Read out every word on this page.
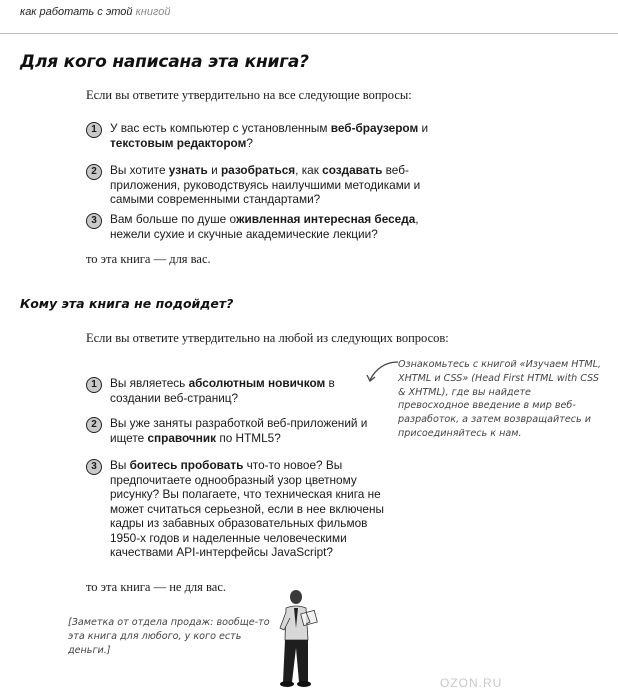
как работать с этой книгой
Для кого написана эта книга?
Если вы ответите утвердительно на все следующие вопросы:
1	У вас есть компьютер с установленным веб-браузером и текстовым редактором?
2	Вы хотите узнать и разобраться, как создавать веб-приложения, руководствуясь наилучшими методиками и самыми современными стандартами?
3	Вам больше по душе оживленная интересная беседа, нежели сухие и скучные академические лекции?
то эта книга — для вас.
Кому эта книга не подойдет?
Если вы ответите утвердительно на любой из следующих вопросов:
1	Вы являетесь абсолютным новичком в создании веб-страниц?
2	Вы уже заняты разработкой веб-приложений и ищете справочник по HTML5?
3	Вы боитесь пробовать что-то новое? Вы предпочитаете однообразный узор цветному рисунку? Вы полагаете, что техническая книга не может считаться серьезной, если в нее включены кадры из забавных образовательных фильмов 1950-х годов и наделенные человеческими качествами API-интерфейсы JavaScript?
то эта книга — не для вас.
Ознакомьтесь с книгой «Изучаем HTML, XHTML и CSS» (Head First HTML with CSS & XHTML), где вы найдете превосходное введение в мир веб-разработок, а затем возвращайтесь и присоединяйтесь к нам.
[Заметка от отдела продаж: вообще-то эта книга для любого, у кого есть деньги.]
OZON.RU
